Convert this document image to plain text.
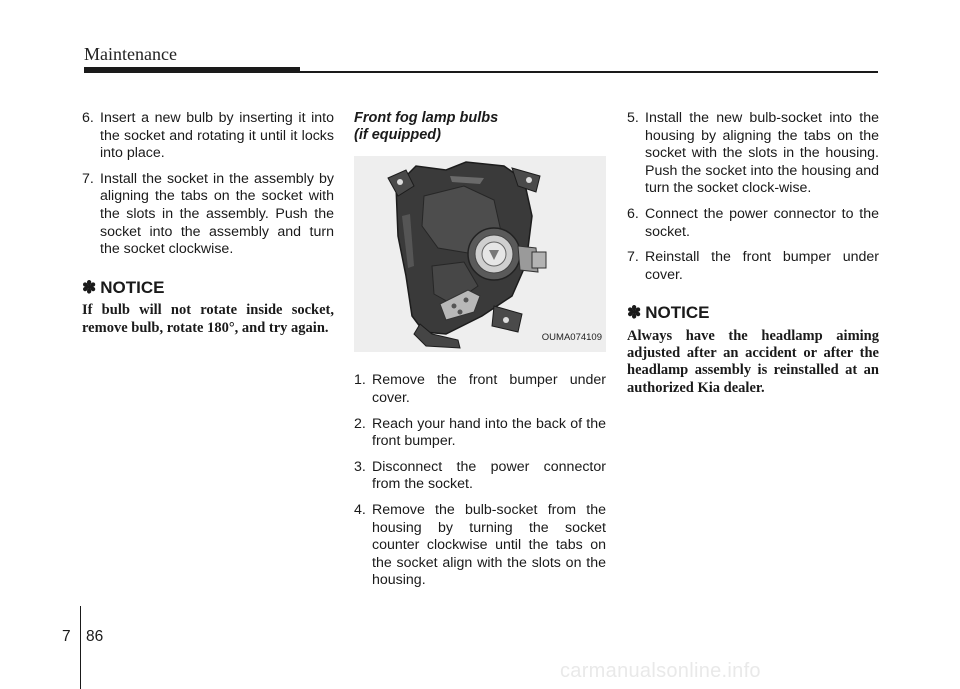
Maintenance

6. Insert a new bulb by inserting it into the socket and rotating it until it locks into place.

7. Install the socket in the assembly by aligning the tabs on the socket with the slots in the assembly. Push the socket into the assembly and turn the socket clockwise.

✽ NOTICE
If bulb will not rotate inside socket, remove bulb, rotate 180°, and try again.
Front fog lamp bulbs
(if equipped)
OUMA074109

1. Remove the front bumper under cover.

2. Reach your hand into the back of the front bumper.

3. Disconnect the power connector from the socket.

4. Remove the bulb-socket from the housing by turning the socket counter clockwise until the tabs on the socket align with the slots on the housing.

5. Install the new bulb-socket into the housing by aligning the tabs on the socket with the slots in the housing. Push the socket into the housing and turn the socket clock-wise.

6. Connect the power connector to the socket.

7. Reinstall the front bumper under cover.

✽ NOTICE
Always have the headlamp aiming adjusted after an accident or after the headlamp assembly is reinstalled at an authorized Kia dealer.
7 86
carmanualsonline.info
